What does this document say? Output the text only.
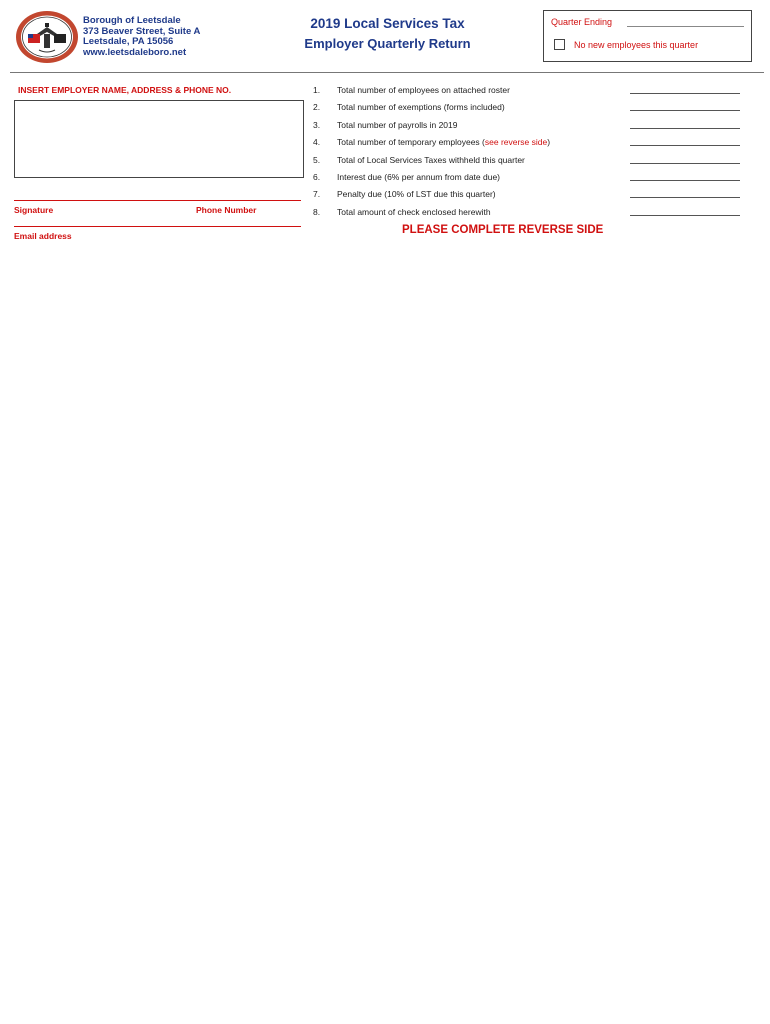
Borough of Leetsdale
373 Beaver Street, Suite A
Leetsdale, PA 15056
www.leetsdaleboro.net
2019 Local Services Tax
Employer Quarterly Return
Quarter Ending
No new employees this quarter
INSERT EMPLOYER NAME, ADDRESS & PHONE NO.
Signature	Phone Number
Email address
1. Total number of employees on attached roster
2. Total number of exemptions (forms included)
3. Total number of payrolls in 2019
4. Total number of temporary employees (see reverse side)
5. Total of Local Services Taxes withheld this quarter
6. Interest due (6% per annum from date due)
7. Penalty due (10% of LST due this quarter)
8. Total amount of check enclosed herewith
PLEASE COMPLETE REVERSE SIDE
